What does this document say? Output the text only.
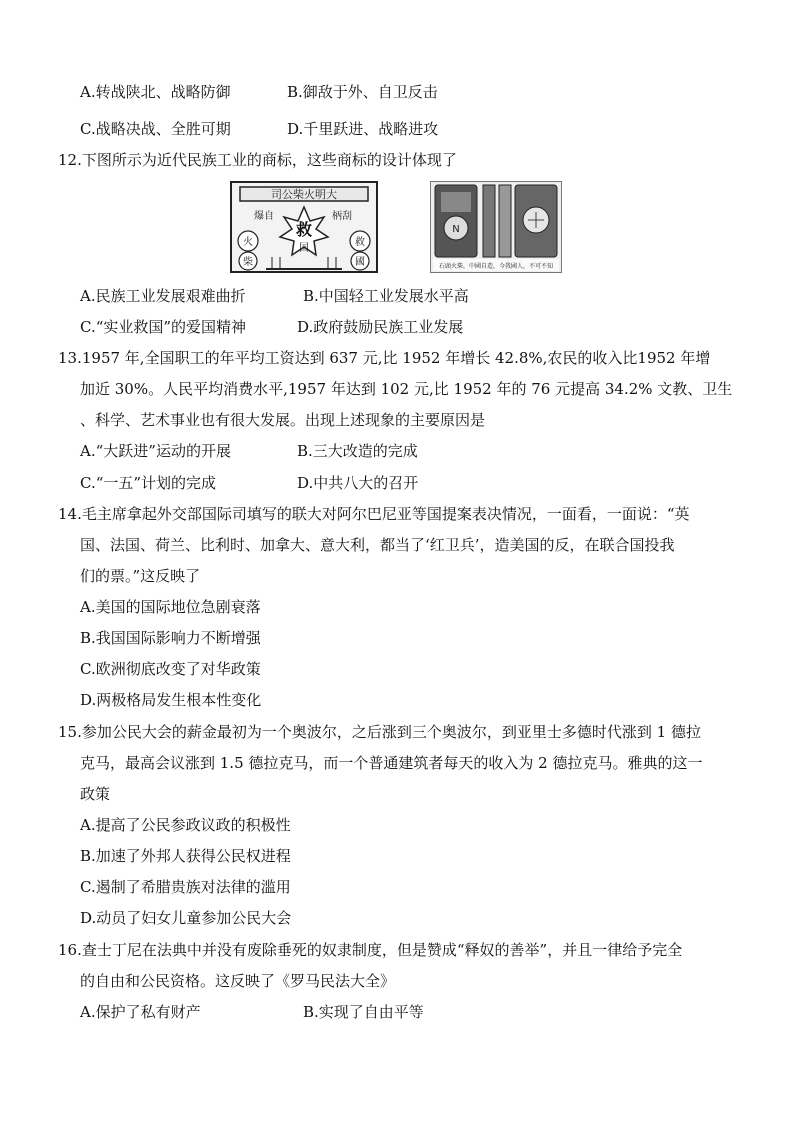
A.转战陕北、战略防御	B.御敌于外、自卫反击
C.战略决战、全胜可期	D.千里跃进、战略进攻
12.下图所示为近代民族工业的商标，这些商标的设计体现了
司公柴火明大
爆自	柄刮
救
国
火
柴
救
國
N
石頭火柴，中國自造，今我國人，不可不知
A.民族工业发展艰难曲折	B.中国轻工业发展水平高
C.“实业救国”的爱国精神	D.政府鼓励民族工业发展
13.1957 年,全国职工的年平均工资达到 637 元,比 1952 年增长 42.8%,农民的收入比1952 年增
加近 30%。人民平均消费水平,1957 年达到 102 元,比 1952 年的 76 元提高 34.2% 文教、卫生
、科学、艺术事业也有很大发展。出现上述现象的主要原因是
A.“大跃进”运动的开展	B.三大改造的完成
C.“一五”计划的完成	D.中共八大的召开
14.毛主席拿起外交部国际司填写的联大对阿尔巴尼亚等国提案表决情况，一面看，一面说：“英
国、法国、荷兰、比利时、加拿大、意大利，都当了‘红卫兵’，造美国的反，在联合国投我
们的票。”这反映了
A.美国的国际地位急剧衰落
B.我国国际影响力不断增强
C.欧洲彻底改变了对华政策
D.两极格局发生根本性变化
15.参加公民大会的薪金最初为一个奥波尔，之后涨到三个奥波尔，到亚里士多德时代涨到 1 德拉
克马，最高会议涨到 1.5 德拉克马，而一个普通建筑者每天的收入为 2 德拉克马。雅典的这一
政策
A.提高了公民参政议政的积极性
B.加速了外邦人获得公民权进程
C.遏制了希腊贵族对法律的滥用
D.动员了妇女儿童参加公民大会
16.查士丁尼在法典中并没有废除垂死的奴隶制度，但是赞成“释奴的善举”，并且一律给予完全
的自由和公民资格。这反映了《罗马民法大全》
A.保护了私有财产	B.实现了自由平等
